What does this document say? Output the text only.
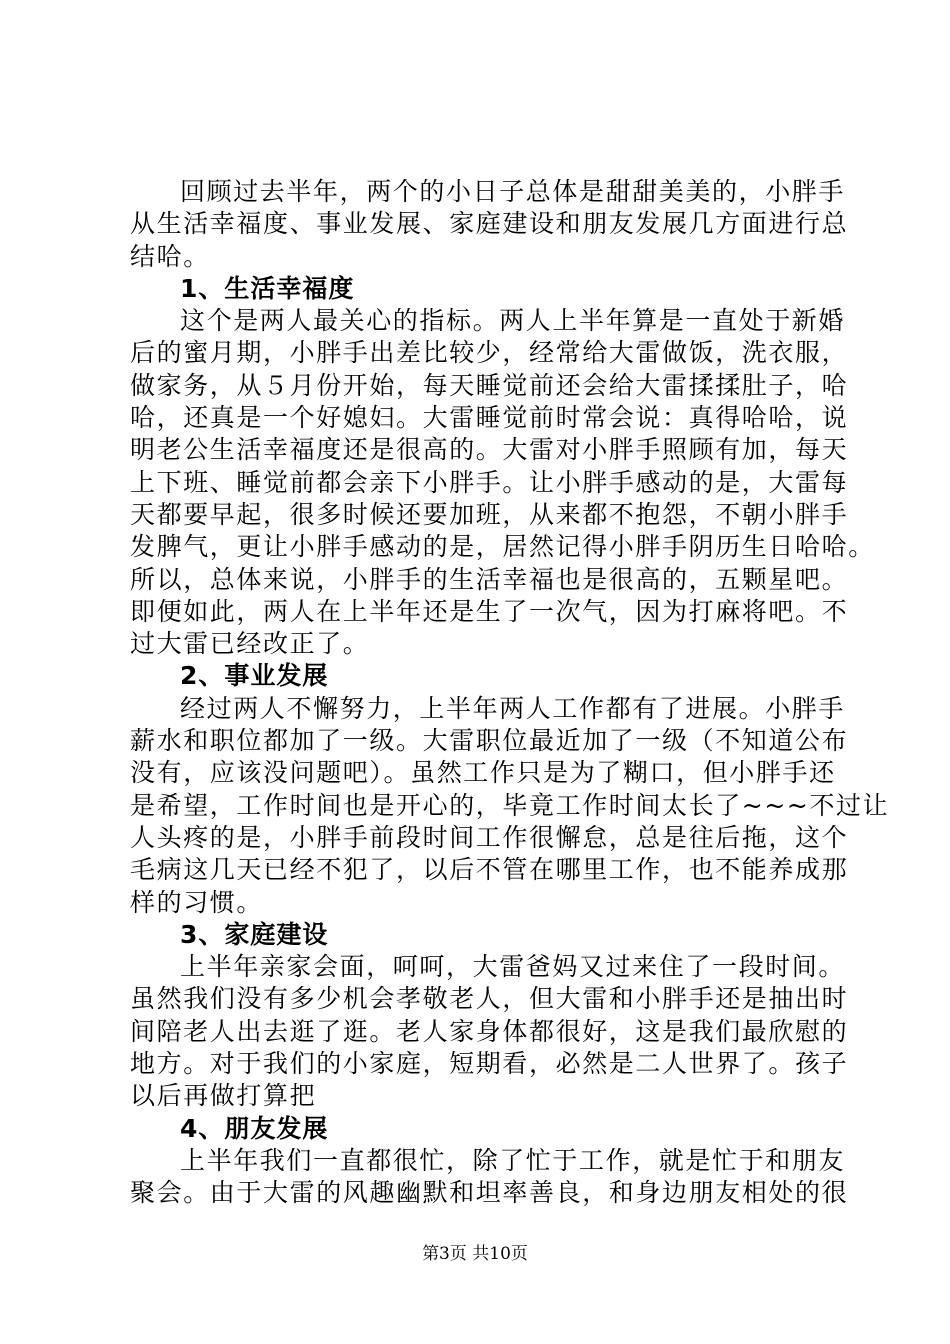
回顾过去半年，两个的小日子总体是甜甜美美的，小胖手
从生活幸福度、事业发展、家庭建设和朋友发展几方面进行总
结哈。
1、生活幸福度
这个是两人最关心的指标。两人上半年算是一直处于新婚
后的蜜月期，小胖手出差比较少，经常给大雷做饭，洗衣服，
做家务，从５月份开始，每天睡觉前还会给大雷揉揉肚子，哈
哈，还真是一个好媳妇。大雷睡觉前时常会说：真得哈哈，说
明老公生活幸福度还是很高的。大雷对小胖手照顾有加，每天
上下班、睡觉前都会亲下小胖手。让小胖手感动的是，大雷每
天都要早起，很多时候还要加班，从来都不抱怨，不朝小胖手
发脾气，更让小胖手感动的是，居然记得小胖手阴历生日哈哈。
所以，总体来说，小胖手的生活幸福也是很高的，五颗星吧。
即便如此，两人在上半年还是生了一次气，因为打麻将吧。不
过大雷已经改正了。
2、事业发展
经过两人不懈努力，上半年两人工作都有了进展。小胖手
薪水和职位都加了一级。大雷职位最近加了一级（不知道公布
没有，应该没问题吧）。虽然工作只是为了糊口，但小胖手还
是希望，工作时间也是开心的，毕竟工作时间太长了~~~不过让
人头疼的是，小胖手前段时间工作很懈怠，总是往后拖，这个
毛病这几天已经不犯了，以后不管在哪里工作，也不能养成那
样的习惯。
3、家庭建设
上半年亲家会面，呵呵，大雷爸妈又过来住了一段时间。
虽然我们没有多少机会孝敬老人，但大雷和小胖手还是抽出时
间陪老人出去逛了逛。老人家身体都很好，这是我们最欣慰的
地方。对于我们的小家庭，短期看，必然是二人世界了。孩子
以后再做打算把
4、朋友发展
上半年我们一直都很忙，除了忙于工作，就是忙于和朋友
聚会。由于大雷的风趣幽默和坦率善良，和身边朋友相处的很
第3页 共10页
